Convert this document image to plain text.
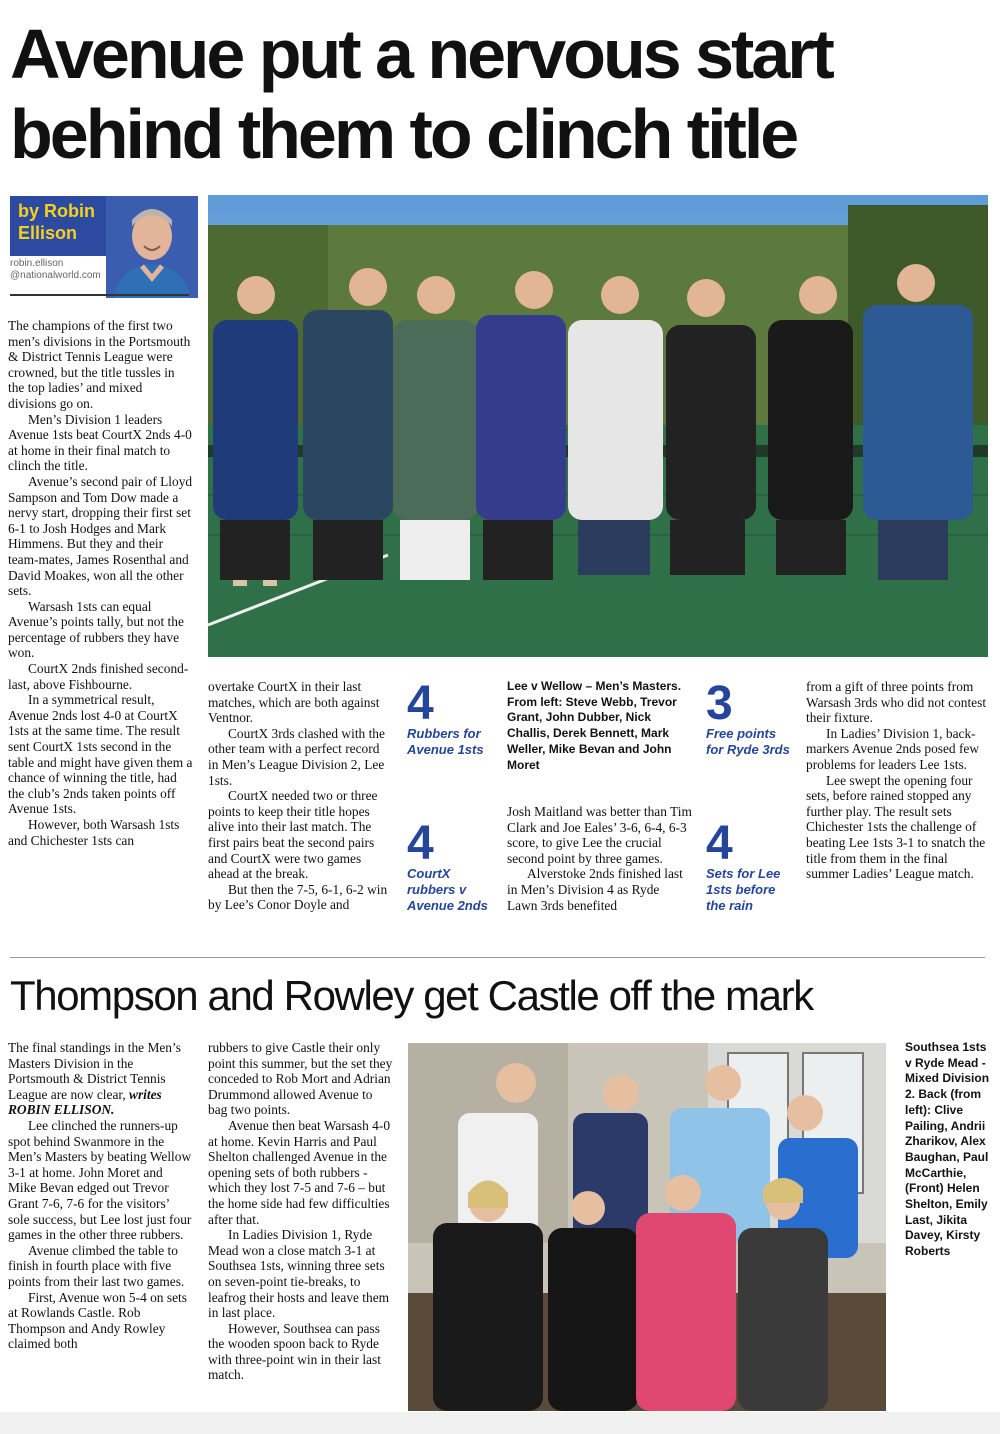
Avenue put a nervous start
behind them to clinch title
by Robin
Ellison
robin.ellison
@nationalworld.com

The champions of the first two men’s divisions in the Portsmouth & District Tennis League were crowned, but the title tussles in the top ladies’ and mixed divisions go on.

Men’s Division 1 leaders Avenue 1sts beat CourtX 2nds 4-0 at home in their final match to clinch the title.

Avenue’s second pair of Lloyd Sampson and Tom Dow made a nervy start, dropping their first set 6-1 to Josh Hodges and Mark Himmens. But they and their team-mates, James Rosenthal and David Moakes, won all the other sets.

Warsash 1sts can equal Avenue’s points tally, but not the percentage of rubbers they have won.

CourtX 2nds finished second-last, above Fishbourne.

In a symmetrical result, Avenue 2nds lost 4-0 at CourtX 1sts at the same time. The result sent CourtX 1sts second in the table and might have given them a chance of winning the title, had the club’s 2nds taken points off Avenue 1sts.

However, both Warsash 1sts and Chichester 1sts can

overtake CourtX in their last matches, which are both against Ventnor.

CourtX 3rds clashed with the other team with a perfect record in Men’s League Division 2, Lee 1sts.

CourtX needed two or three points to keep their title hopes alive into their last match. The first pairs beat the second pairs and CourtX were two games ahead at the break.

But then the 7-5, 6-1, 6-2 win by Lee’s Conor Doyle and

4
Rubbers for Avenue 1sts
4
CourtX rubbers v Avenue 2nds
Lee v Wellow – Men’s Masters. From left: Steve Webb, Trevor Grant, John Dubber, Nick Challis, Derek Bennett, Mark Weller, Mike Bevan and John Moret

Josh Maitland was better than Tim Clark and Joe Eales’ 3-6, 6-4, 6-3 score, to give Lee the crucial second point by three games.

Alverstoke 2nds finished last in Men’s Division 4 as Ryde Lawn 3rds benefited

3
Free points for Ryde 3rds
4
Sets for Lee 1sts before the rain

from a gift of three points from Warsash 3rds who did not contest their fixture.

In Ladies’ Division 1, back-markers Avenue 2nds posed few problems for leaders Lee 1sts.

Lee swept the opening four sets, before rained stopped any further play. The result sets Chichester 1sts the challenge of beating Lee 1sts 3-1 to snatch the title from them in the final summer Ladies’ League match.

Thompson and Rowley get Castle off the mark

The final standings in the Men’s Masters Division in the Portsmouth & District Tennis League are now clear, writes ROBIN ELLISON.

Lee clinched the runners-up spot behind Swanmore in the Men’s Masters by beating Wellow 3-1 at home. John Moret and Mike Bevan edged out Trevor Grant 7-6, 7-6 for the visitors’ sole success, but Lee lost just four games in the other three rubbers.

Avenue climbed the table to finish in fourth place with five points from their last two games.

First, Avenue won 5-4 on sets at Rowlands Castle. Rob Thompson and Andy Rowley claimed both

rubbers to give Castle their only point this summer, but the set they conceded to Rob Mort and Adrian Drummond allowed Avenue to bag two points.

Avenue then beat Warsash 4-0 at home. Kevin Harris and Paul Shelton challenged Avenue in the opening sets of both rubbers - which they lost 7-5 and 7-6 – but the home side had few difficulties after that.

In Ladies Division 1, Ryde Mead won a close match 3-1 at Southsea 1sts, winning three sets on seven-point tie-breaks, to leafrog their hosts and leave them in last place.

However, Southsea can pass the wooden spoon back to Ryde with three-point win in their last match.

Southsea 1sts v Ryde Mead - Mixed Division 2. Back (from left): Clive Pailing, Andrii Zharikov, Alex Baughan, Paul McCarthie, (Front) Helen Shelton, Emily Last, Jikita Davey, Kirsty Roberts
